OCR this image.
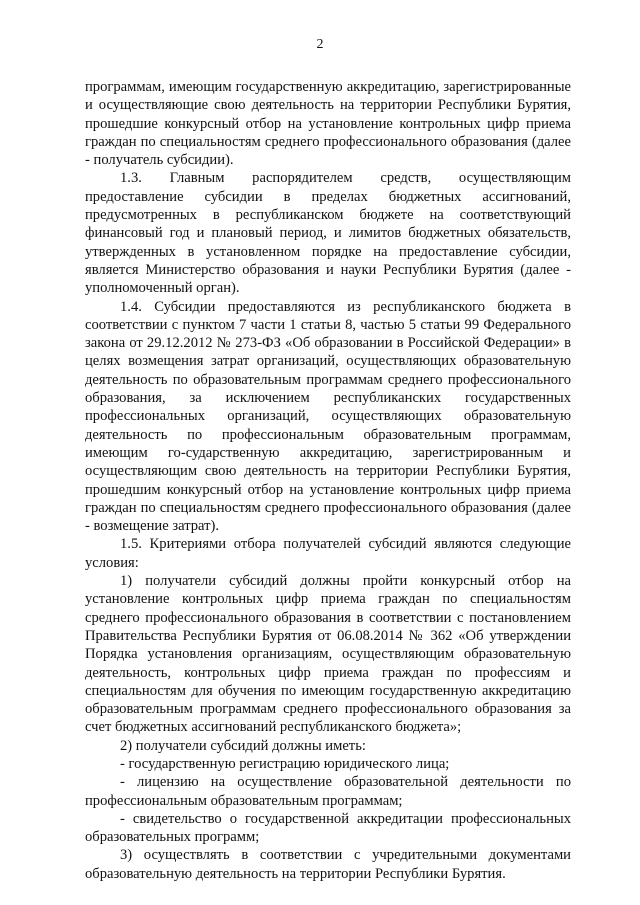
2

программам, имеющим государственную аккредитацию, зарегистрированные и осуществляющие свою деятельность на территории Республики Бурятия, прошедшие конкурсный отбор на установление контрольных цифр приема граждан по специальностям среднего профессионального образования (далее - получатель субсидии).

1.3. Главным распорядителем средств, осуществляющим предоставление субсидии в пределах бюджетных ассигнований, предусмотренных в республиканском бюджете на соответствующий финансовый год и плановый период, и лимитов бюджетных обязательств, утвержденных в установленном порядке на предоставление субсидии, является Министерство образования и науки Республики Бурятия (далее - уполномоченный орган).

1.4. Субсидии предоставляются из республиканского бюджета в соответствии с пунктом 7 части 1 статьи 8, частью 5 статьи 99 Федерального закона от 29.12.2012 № 273-ФЗ «Об образовании в Российской Федерации» в целях возмещения затрат организаций, осуществляющих образовательную деятельность по образовательным программам среднего профессионального образования, за исключением республиканских государственных профессиональных организаций, осуществляющих образовательную деятельность по профессиональным образовательным программам, имеющим го-сударственную аккредитацию, зарегистрированным и осуществляющим свою деятельность на территории Республики Бурятия, прошедшим конкурсный отбор на установление контрольных цифр приема граждан по специальностям среднего профессионального образования (далее - возмещение затрат).

1.5. Критериями отбора получателей субсидий являются следующие условия:

1) получатели субсидий должны пройти конкурсный отбор на установление контрольных цифр приема граждан по специальностям среднего профессионального образования в соответствии с постановлением Правительства Республики Бурятия от 06.08.2014 № 362 «Об утверждении Порядка установления организациям, осуществляющим образовательную деятельность, контрольных цифр приема граждан по профессиям и специальностям для обучения по имеющим государственную аккредитацию образовательным программам среднего профессионального образования за счет бюджетных ассигнований республиканского бюджета»;

2) получатели субсидий должны иметь:

- государственную регистрацию юридического лица;

- лицензию на осуществление образовательной деятельности по профессиональным образовательным программам;

- свидетельство о государственной аккредитации профессиональных образовательных программ;

3) осуществлять в соответствии с учредительными документами образовательную деятельность на территории Республики Бурятия.
